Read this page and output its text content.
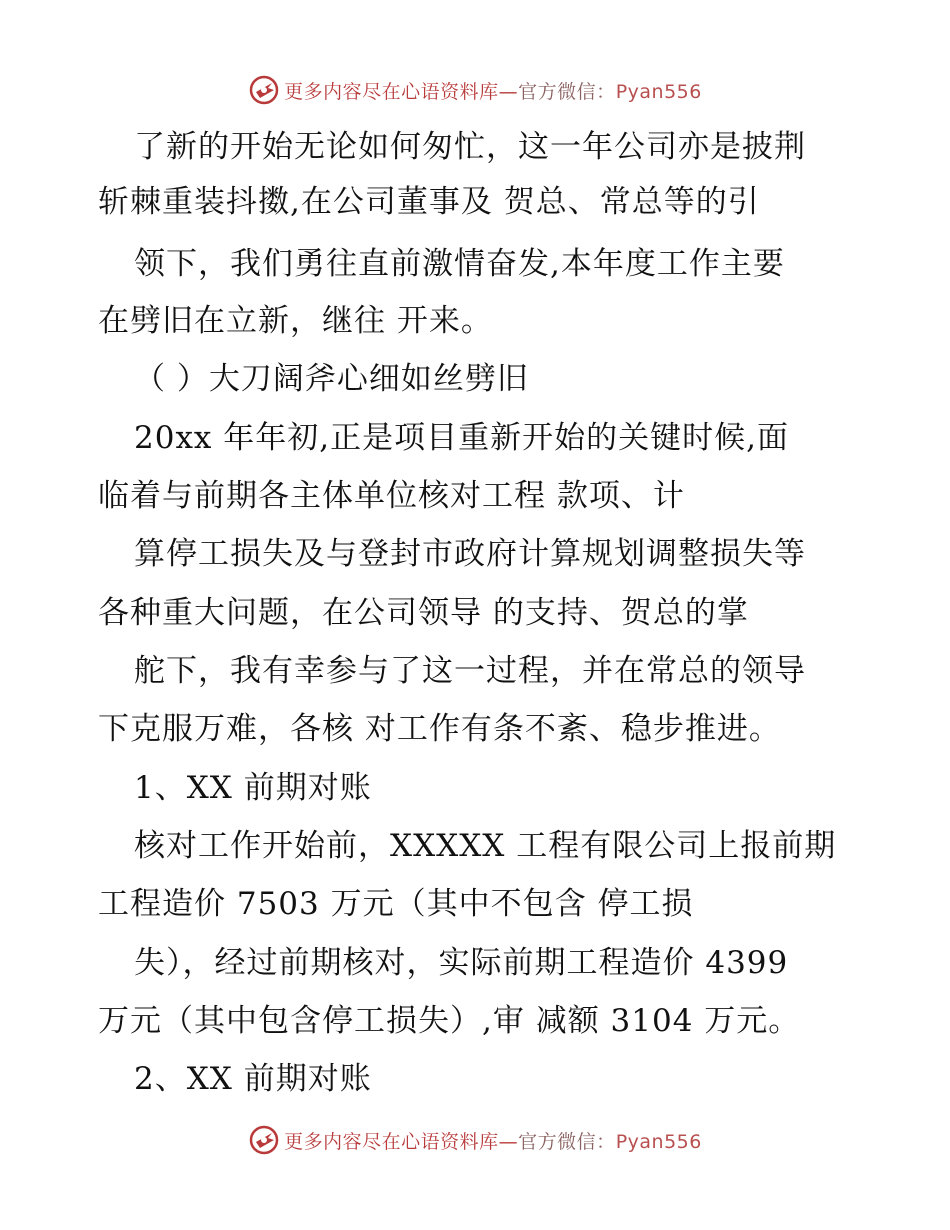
更多内容尽在心语资料库—官方微信：Pyan556
了新的开始无论如何匆忙，这一年公司亦是披荆
斩棘重装抖擞,在公司董事及 贺总、常总等的引
领下，我们勇往直前激情奋发,本年度工作主要
在劈旧在立新，继往 开来。
（ ）大刀阔斧心细如丝劈旧
20xx 年年初,正是项目重新开始的关键时候,面
临着与前期各主体单位核对工程 款项、计
算停工损失及与登封市政府计算规划调整损失等
各种重大问题，在公司领导 的支持、贺总的掌
舵下，我有幸参与了这一过程，并在常总的领导
下克服万难，各核 对工作有条不紊、稳步推进。
1、XX 前期对账
核对工作开始前，XXXXX 工程有限公司上报前期
工程造价 7503 万元（其中不包含 停工损
失），经过前期核对，实际前期工程造价 4399
万元（其中包含停工损失）,审 减额 3104 万元。
2、XX 前期对账
更多内容尽在心语资料库—官方微信：Pyan556
